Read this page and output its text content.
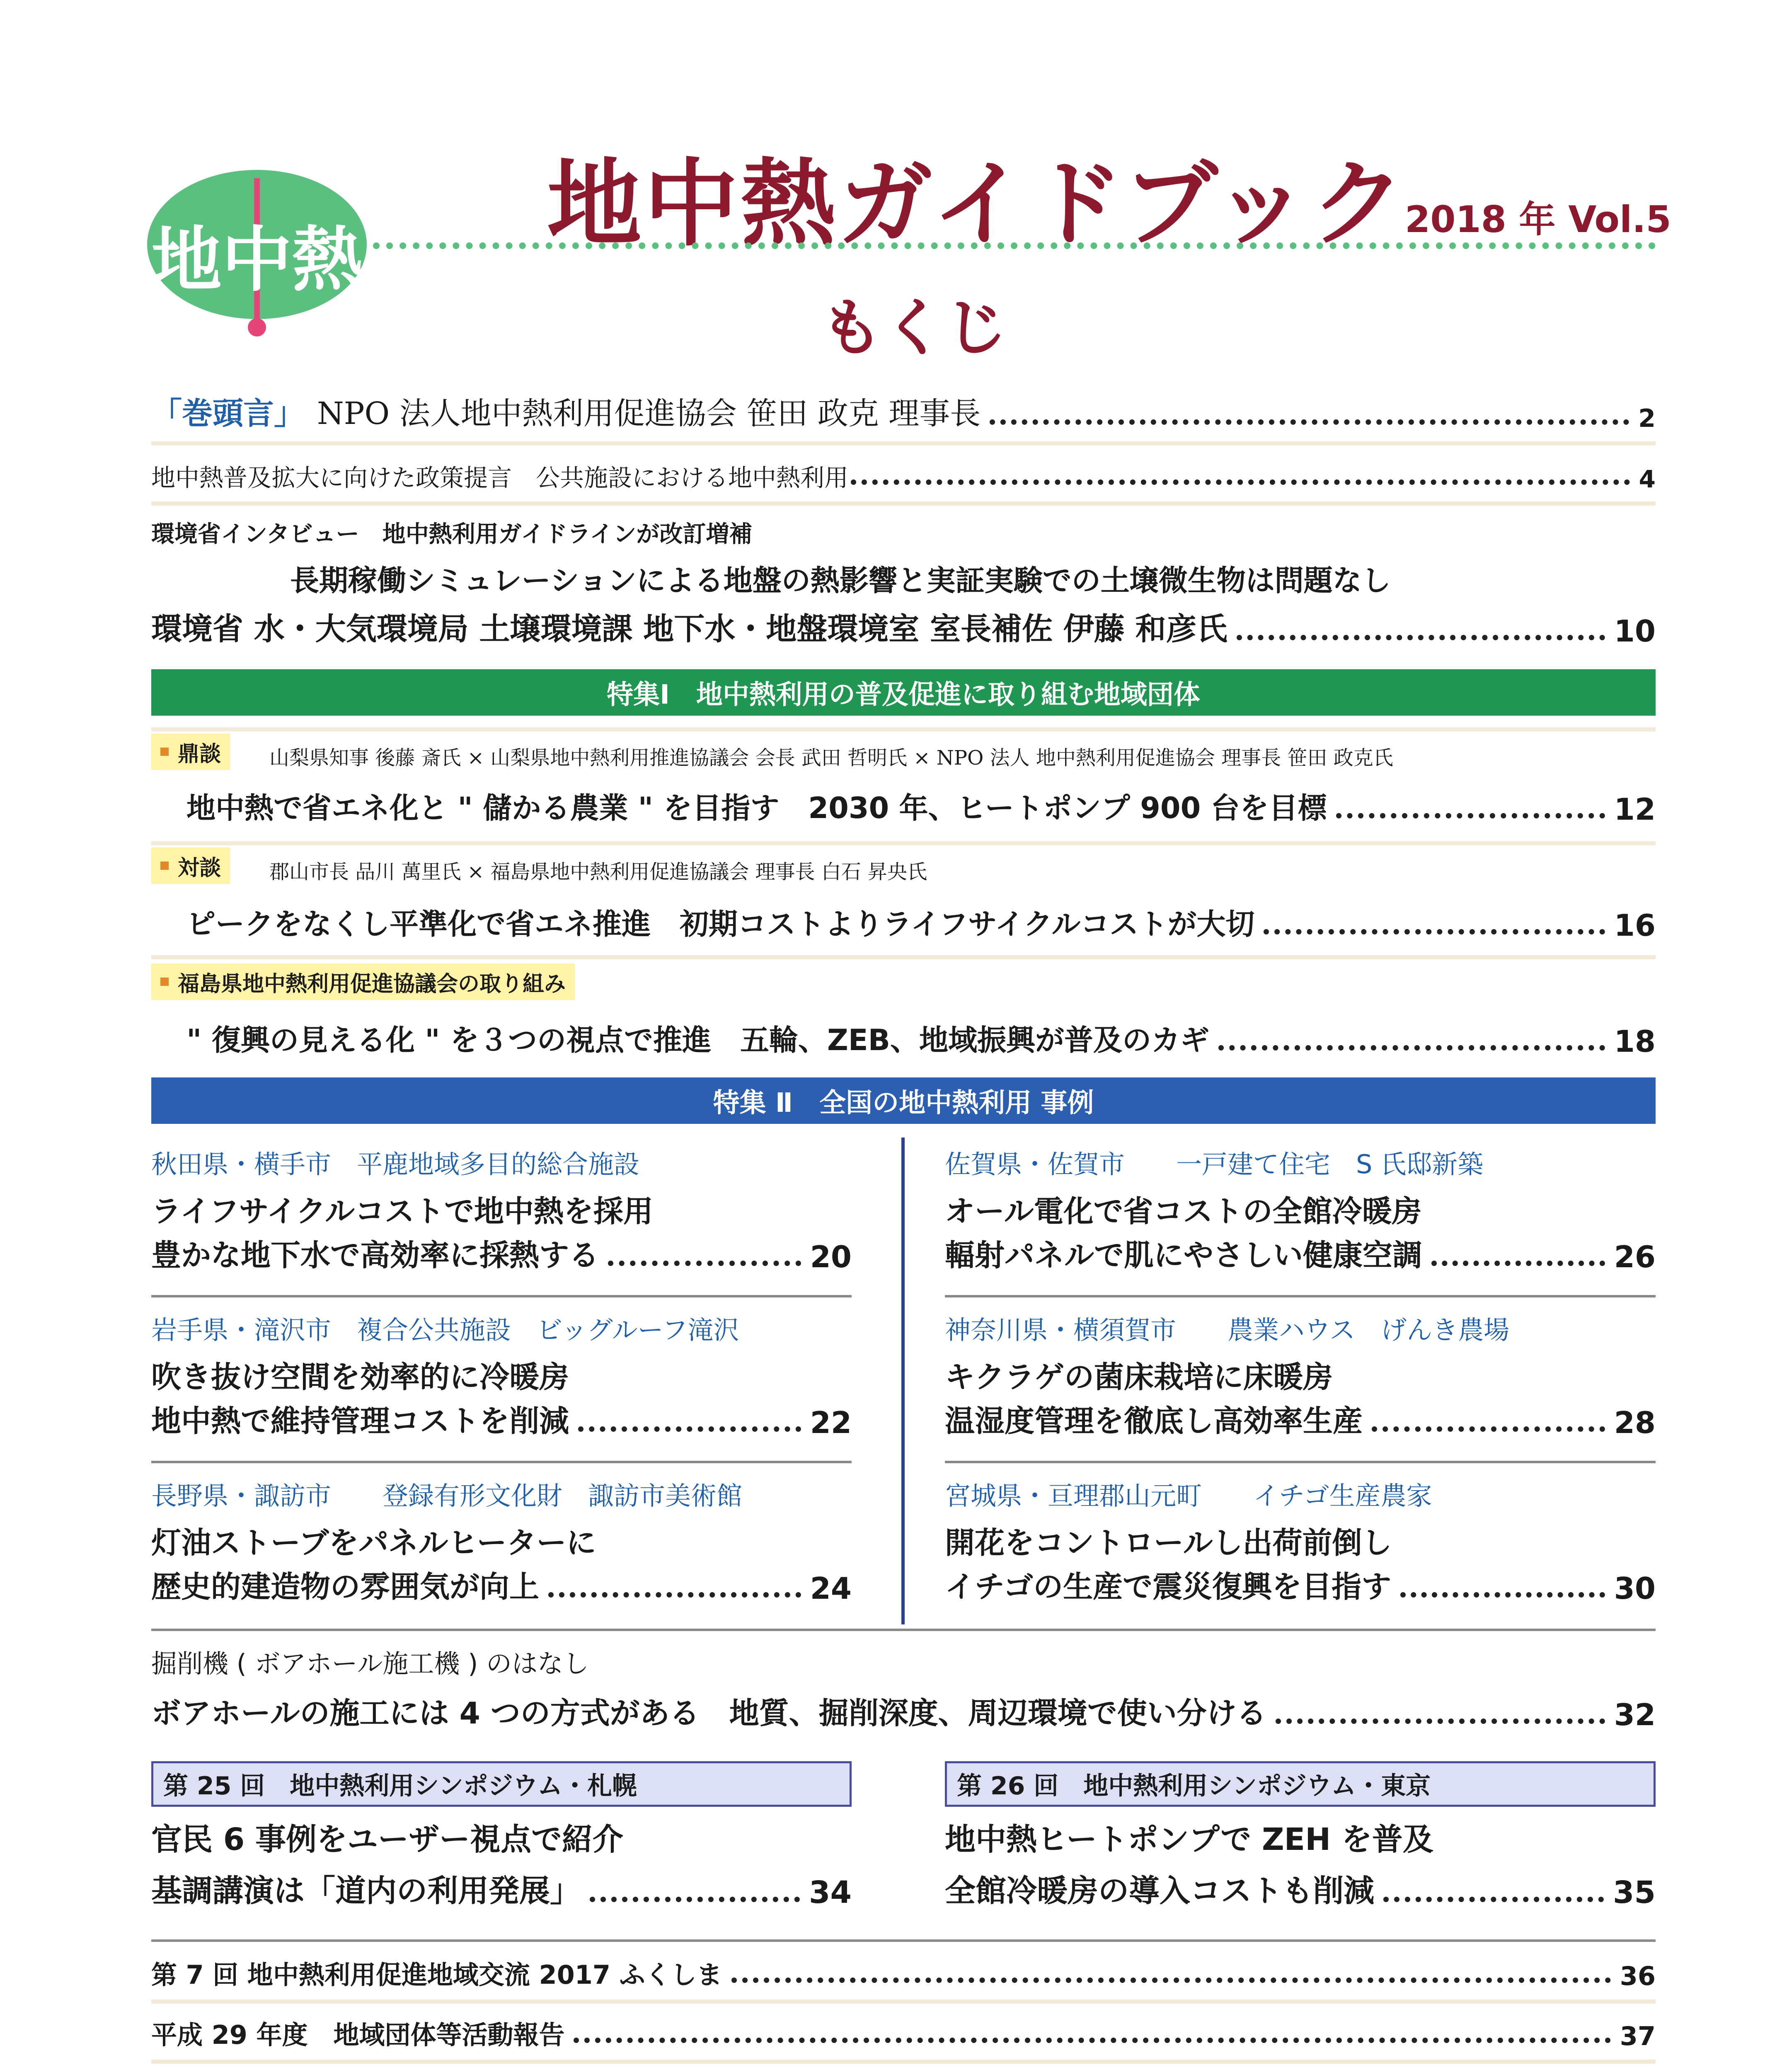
地中熱
地中熱ガイドブック
2018 年 Vol.5
もくじ
「巻頭言」 NPO 法人 地中熱利用促進協会 笹田 政克 理事長	2
地中熱普及拡大に向けた政策提言　公共施設における地中熱利用	4
環境省インタビュー　地中熱利用ガイドラインが改訂増補
長期稼働シミュレーションによる地盤の熱影響と実証実験での土壌微生物は問題なし
環境省 水・大気環境局 土壌環境課 地下水・地盤環境室 室長補佐 伊藤 和彦氏	10
特集Ⅰ　地中熱利用の普及促進に取り組む地域団体
鼎談 山梨県知事 後藤 斎氏 × 山梨県地中熱利用推進協議会 会長 武田 哲明氏 × NPO 法人 地中熱利用促進協会 理事長 笹田 政克氏
地中熱で省エネ化と " 儲かる農業 " を目指す　2030 年、ヒートポンプ 900 台を目標	12
対談 郡山市長 品川 萬里氏 × 福島県地中熱利用促進協議会 理事長 白石 昇央氏
ピークをなくし平準化で省エネ推進　初期コストよりライフサイクルコストが大切	16
福島県地中熱利用促進協議会の取り組み
" 復興の見える化 " を３つの視点で推進　五輪、ZEB、地域振興が普及のカギ	18
特集 Ⅱ　全国の地中熱利用 事例
秋田県・横手市　平鹿地域多目的総合施設
ライフサイクルコストで地中熱を採用
豊かな地下水で高効率に採熱する	20
岩手県・滝沢市　複合公共施設　ビッグルーフ滝沢
吹き抜け空間を効率的に冷暖房
地中熱で維持管理コストを削減	22
長野県・諏訪市　　登録有形文化財　諏訪市美術館
灯油ストーブをパネルヒーターに
歴史的建造物の雰囲気が向上	24
佐賀県・佐賀市　　一戸建て住宅　S 氏邸新築
オール電化で省コストの全館冷暖房
輻射パネルで肌にやさしい健康空調	26
神奈川県・横須賀市　　農業ハウス　げんき農場
キクラゲの菌床栽培に床暖房
温湿度管理を徹底し高効率生産	28
宮城県・亘理郡山元町　　イチゴ生産農家
開花をコントロールし出荷前倒し
イチゴの生産で震災復興を目指す	30
掘削機 ( ボアホール施工機 ) のはなし
ボアホールの施工には 4 つの方式がある　地質、掘削深度、周辺環境で使い分ける	32
第 25 回　地中熱利用シンポジウム・札幌
官民 6 事例をユーザー視点で紹介
基調講演は「道内の利用発展」	34
第 26 回　地中熱利用シンポジウム・東京
地中熱ヒートポンプで ZEH を普及
全館冷暖房の導入コストも削減	35
第 7 回 地中熱利用促進地域交流 2017 ふくしま	36
平成 29 年度　地域団体等活動報告	37
